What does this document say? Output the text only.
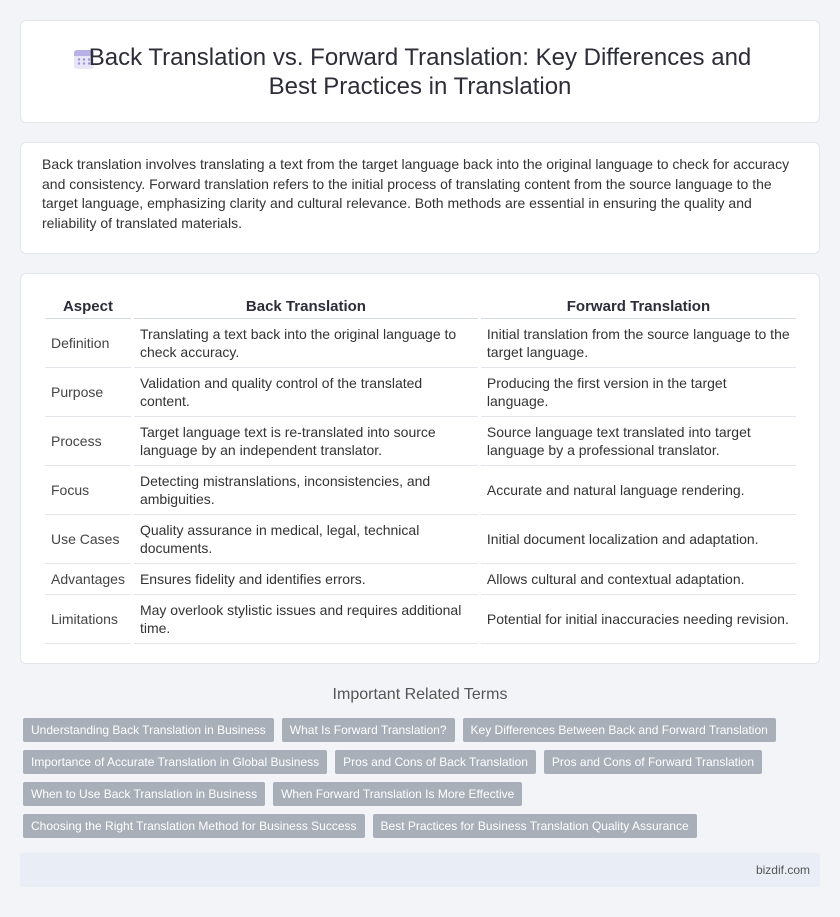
Back Translation vs. Forward Translation: Key Differences and Best Practices in Translation

Back translation involves translating a text from the target language back into the original language to check for accuracy and consistency. Forward translation refers to the initial process of translating content from the source language to the target language, emphasizing clarity and cultural relevance. Both methods are essential in ensuring the quality and reliability of translated materials.

Aspect	Back Translation	Forward Translation
Definition	Translating a text back into the original language to check accuracy.	Initial translation from the source language to the target language.
Purpose	Validation and quality control of the translated content.	Producing the first version in the target language.
Process	Target language text is re-translated into source language by an independent translator.	Source language text translated into target language by a professional translator.
Focus	Detecting mistranslations, inconsistencies, and ambiguities.	Accurate and natural language rendering.
Use Cases	Quality assurance in medical, legal, technical documents.	Initial document localization and adaptation.
Advantages	Ensures fidelity and identifies errors.	Allows cultural and contextual adaptation.
Limitations	May overlook stylistic issues and requires additional time.	Potential for initial inaccuracies needing revision.
Important Related Terms
Understanding Back Translation in Business	What Is Forward Translation?	Key Differences Between Back and Forward Translation
Importance of Accurate Translation in Global Business	Pros and Cons of Back Translation	Pros and Cons of Forward Translation
When to Use Back Translation in Business	When Forward Translation Is More Effective
Choosing the Right Translation Method for Business Success	Best Practices for Business Translation Quality Assurance
bizdif.com
